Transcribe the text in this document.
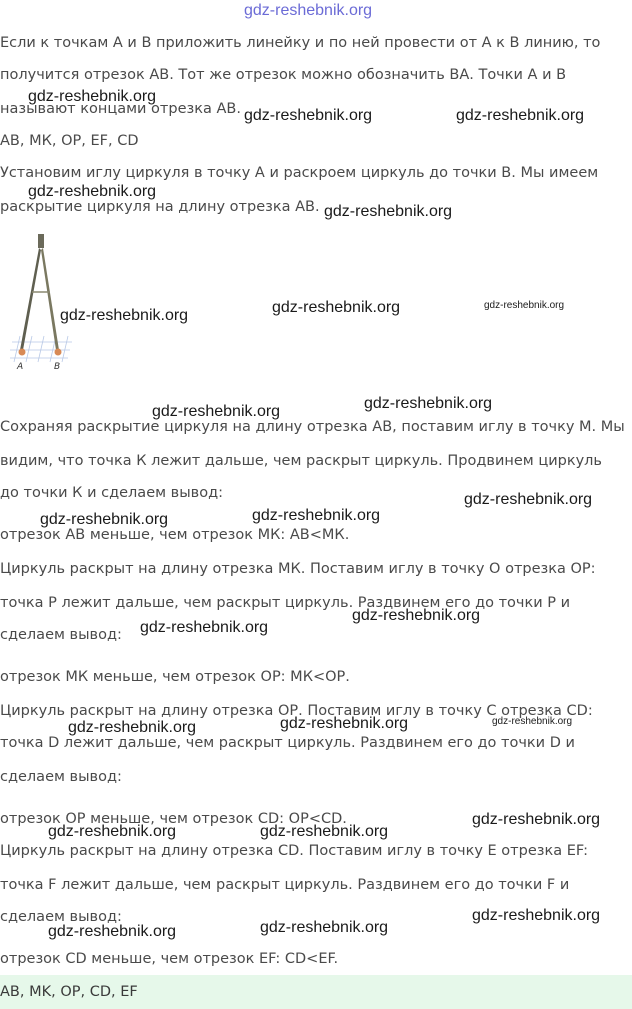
gdz-reshebnik.org
Если к точкам А и В приложить линейку и по ней провести от А к В линию, то
получится отрезок АВ. Тот же отрезок можно обозначить ВА. Точки А и В
называют концами отрезка АВ.
АВ, МК, ОР, ЕF, CD
Установим иглу циркуля в точку А и раскроем циркуль до точки В. Мы имеем
раскрытие циркуля на длину отрезка АВ.
A	B
Сохраняя раскрытие циркуля на длину отрезка АВ, поставим иглу в точку М. Мы
видим, что точка К лежит дальше, чем раскрыт циркуль. Продвинем циркуль
до точки К и сделаем вывод:
отрезок АВ меньше, чем отрезок МК: АВ<МК.
Циркуль раскрыт на длину отрезка МК. Поставим иглу в точку О отрезка ОР:
точка Р лежит дальше, чем раскрыт циркуль. Раздвинем его до точки Р и
сделаем вывод:
отрезок МК меньше, чем отрезок ОР: МК<ОР.
Циркуль раскрыт на длину отрезка ОР. Поставим иглу в точку С отрезка CD:
точка D лежит дальше, чем раскрыт циркуль. Раздвинем его до точки D и
сделаем вывод:
отрезок ОР меньше, чем отрезок CD: ОР<CD.
Циркуль раскрыт на длину отрезка CD. Поставим иглу в точку Е отрезка EF:
точка F лежит дальше, чем раскрыт циркуль. Раздвинем его до точки F и
сделаем вывод:
отрезок CD меньше, чем отрезок EF: CD<EF.
AB, MK, OP, CD, EF
gdz-reshebnik.org
gdz-reshebnik.org	gdz-reshebnik.org
gdz-reshebnik.org
gdz-reshebnik.org
gdz-reshebnik.org	gdz-reshebnik.org	gdz-reshebnik.org
gdz-reshebnik.org	gdz-reshebnik.org
gdz-reshebnik.org
gdz-reshebnik.org	gdz-reshebnik.org
gdz-reshebnik.org
gdz-reshebnik.org
gdz-reshebnik.org	gdz-reshebnik.org	gdz-reshebnik.org
gdz-reshebnik.org
gdz-reshebnik.org	gdz-reshebnik.org
gdz-reshebnik.org
gdz-reshebnik.org	gdz-reshebnik.org
